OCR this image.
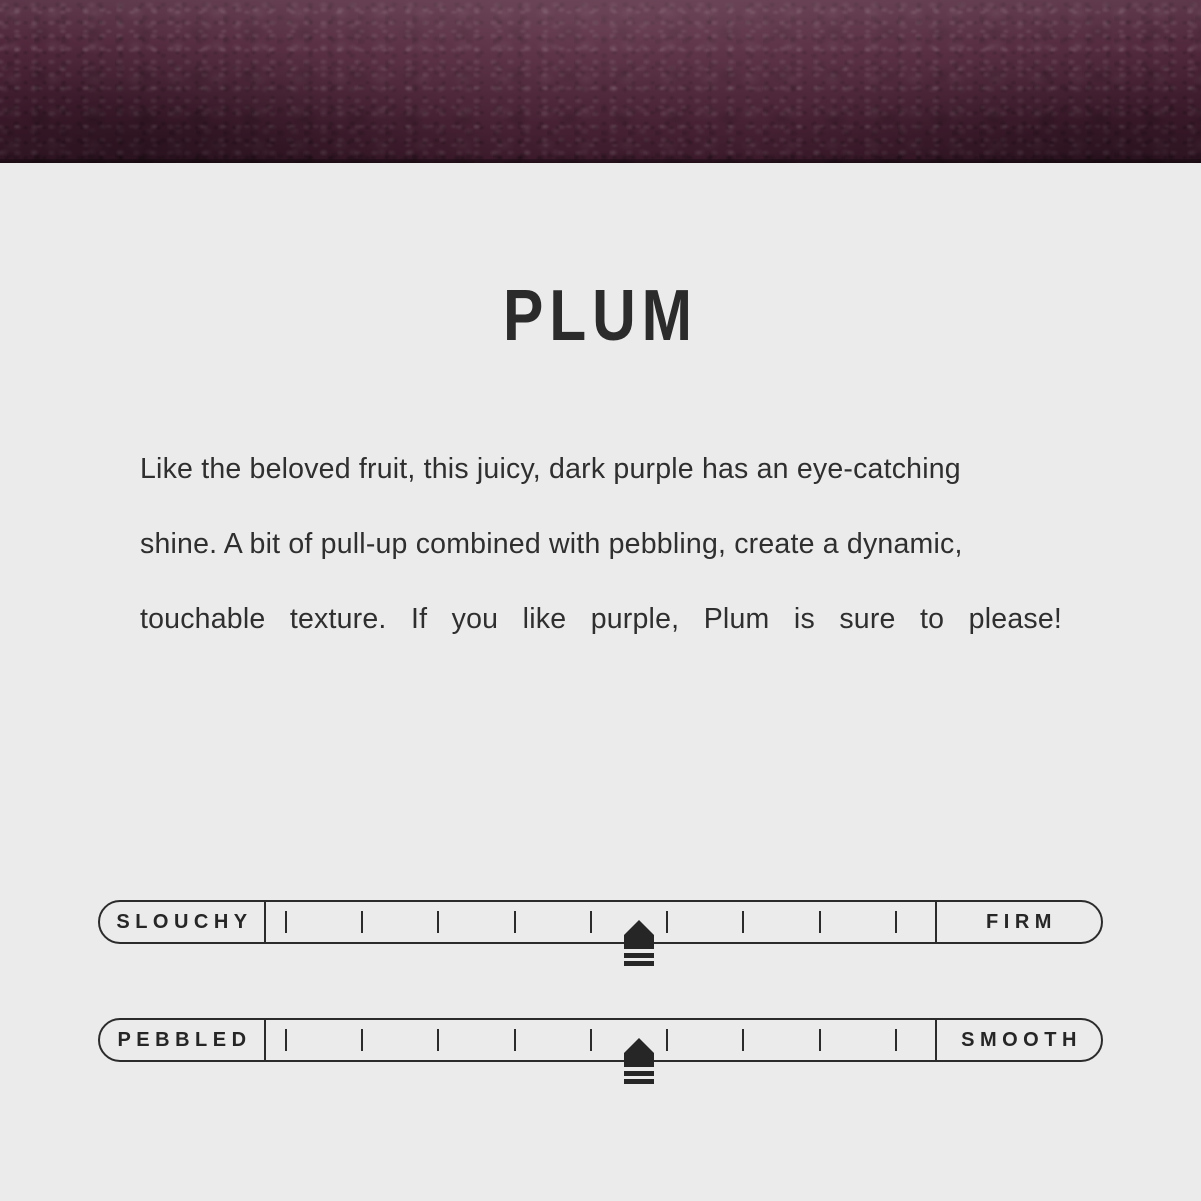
PLUM
Like the beloved fruit, this juicy, dark purple has an eye-catching
shine. A bit of pull-up combined with pebbling, create a dynamic,
touchable texture. If you like purple, Plum is sure to please!
SLOUCHY	FIRM
PEBBLED	SMOOTH
